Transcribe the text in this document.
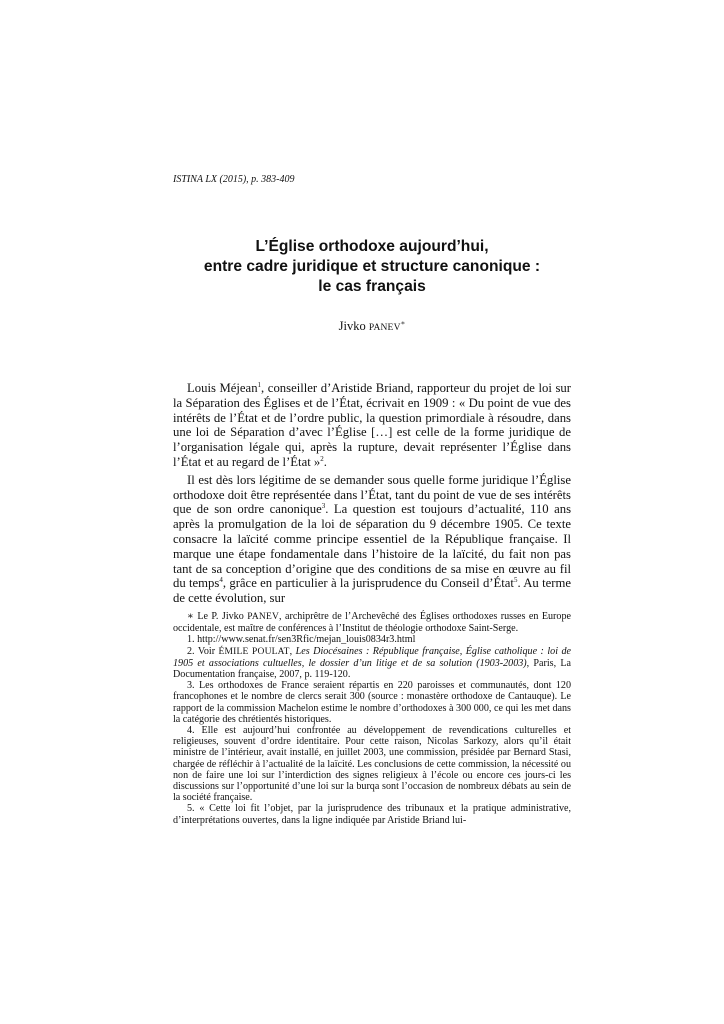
ISTINA LX (2015), p. 383-409
L’Église orthodoxe aujourd’hui,
entre cadre juridique et structure canonique :
le cas français
Jivko PANEV∗

Louis Méjean$^1$, conseiller d’Aristide Briand, rapporteur du projet de loi sur la Séparation des Églises et de l’État, écrivait en 1909 : « Du point de vue des intérêts de l’État et de l’ordre public, la question primordiale à résoudre, dans une loi de Séparation d’avec l’Église […] est celle de la forme juridique de l’organisation légale qui, après la rupture, devait représenter l’Église dans l’État et au regard de l’État »$^2$.

Il est dès lors légitime de se demander sous quelle forme juridique l’Église orthodoxe doit être représentée dans l’État, tant du point de vue de ses intérêts que de son ordre canonique$^3$. La question est toujours d’actualité, 110 ans après la promulgation de la loi de séparation du 9 décembre 1905. Ce texte consacre la laïcité comme principe essentiel de la République française. Il marque une étape fondamentale dans l’histoire de la laïcité, du fait non pas tant de sa conception d’origine que des conditions de sa mise en œuvre au fil du temps$^4$, grâce en particulier à la jurisprudence du Conseil d’État$^5$. Au terme de cette évolution, sur

∗ Le P. Jivko PANEV, archiprêtre de l’Archevêché des Églises orthodoxes russes en Europe occidentale, est maître de conférences à l’Institut de théologie orthodoxe Saint-Serge.

1. http://www.senat.fr/sen3Rfic/mejan_louis0834r3.html

2. Voir ÉMILE POULAT, Les Diocésaines : République française, Église catholique : loi de 1905 et associations cultuelles, le dossier d’un litige et de sa solution (1903-2003), Paris, La Documentation française, 2007, p. 119-120.

3. Les orthodoxes de France seraient répartis en 220 paroisses et communautés, dont 120 francophones et le nombre de clercs serait 300 (source : monastère orthodoxe de Cantauque). Le rapport de la commission Machelon estime le nombre d’orthodoxes à 300 000, ce qui les met dans la catégorie des chrétientés historiques.

4. Elle est aujourd’hui confrontée au développement de revendications culturelles et religieuses, souvent d’ordre identitaire. Pour cette raison, Nicolas Sarkozy, alors qu’il était ministre de l’intérieur, avait installé, en juillet 2003, une commission, présidée par Bernard Stasi, chargée de réfléchir à l’actualité de la laïcité. Les conclusions de cette commission, la nécessité ou non de faire une loi sur l’interdiction des signes religieux à l’école ou encore ces jours-ci les discussions sur l’opportunité d’une loi sur la burqa sont l’occasion de nombreux débats au sein de la société française.

5. « Cette loi fit l’objet, par la jurisprudence des tribunaux et la pratique administrative, d’interprétations ouvertes, dans la ligne indiquée par Aristide Briand lui-
